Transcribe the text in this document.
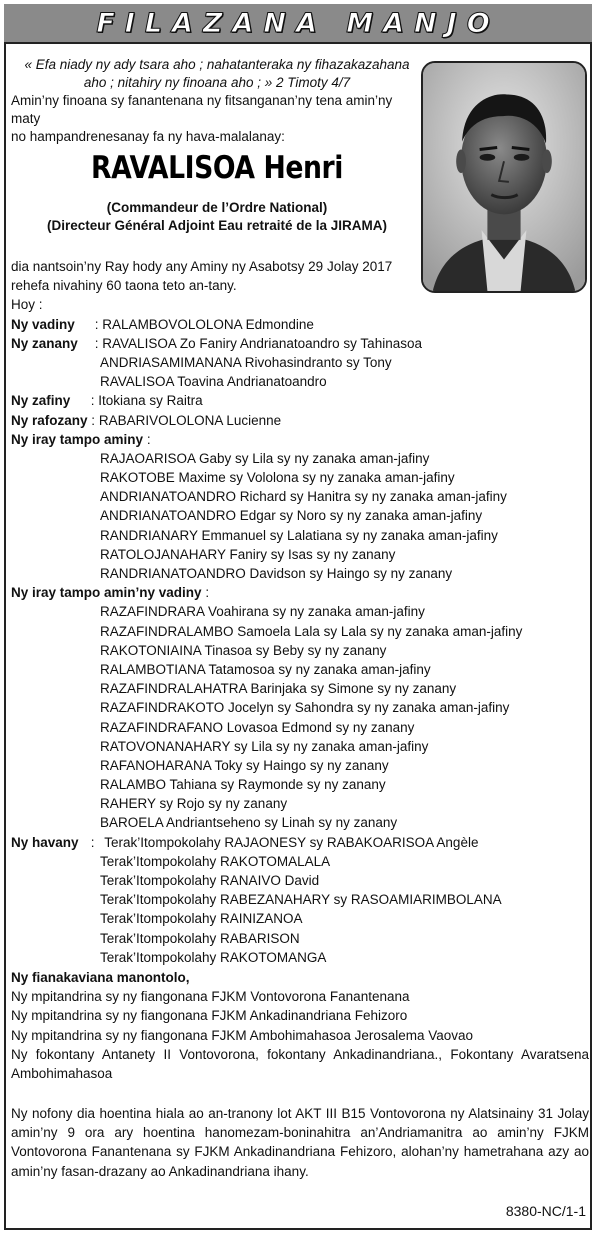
FILAZANA MANJO

« Efa niady ny ady tsara aho ; nahatanteraka ny fihazakazahana
aho ; nitahiry ny finoana aho ; » 2 Timoty 4/7

Amin’ny finoana sy fanantenana ny fitsanganan’ny tena amin’ny maty
no hampandrenesanay fa ny hava-malalanay:

RAVALISOA Henri
(Commandeur de l’Ordre National)
(Directeur Général Adjoint Eau retraité de la JIRAMA)
dia nantsoin’ny Ray hody any Aminy ny Asabotsy 29 Jolay 2017
rehefa nivahiny 60 taona teto an-tany.
Hoy :
Ny vadiny : RALAMBOVOLOLONA Edmondine
Ny zanany : RAVALISOA Zo Faniry Andrianatoandro sy Tahinasoa
ANDRIASAMIMANANA Rivohasindranto sy Tony
RAVALISOA Toavina Andrianatoandro
Ny zafiny : Itokiana sy Raitra
Ny rafozany : RABARIVOLOLONA Lucienne
Ny iray tampo aminy :
RAJAOARISOA Gaby sy Lila sy ny zanaka aman-jafiny
RAKOTOBE Maxime sy Vololona sy ny zanaka aman-jafiny
ANDRIANATOANDRO Richard sy Hanitra sy ny zanaka aman-jafiny
ANDRIANATOANDRO Edgar sy Noro sy ny zanaka aman-jafiny
RANDRIANARY Emmanuel sy Lalatiana sy ny zanaka aman-jafiny
RATOLOJANAHARY Faniry sy Isas sy ny zanany
RANDRIANATOANDRO Davidson sy Haingo sy ny zanany
Ny iray tampo amin’ny vadiny :
RAZAFINDRARA Voahirana sy ny zanaka aman-jafiny
RAZAFINDRALAMBO Samoela Lala sy Lala sy ny zanaka aman-jafiny
RAKOTONIAINA Tinasoa sy Beby sy ny zanany
RALAMBOTIANA Tatamosoa sy ny zanaka aman-jafiny
RAZAFINDRALAHATRA Barinjaka sy Simone sy ny zanany
RAZAFINDRAKOTO Jocelyn sy Sahondra sy ny zanaka aman-jafiny
RAZAFINDRAFANO Lovasoa Edmond sy ny zanany
RATOVONANAHARY sy Lila sy ny zanaka aman-jafiny
RAFANOHARANA Toky sy Haingo sy ny zanany
RALAMBO Tahiana sy Raymonde sy ny zanany
RAHERY sy Rojo sy ny zanany
BAROELA Andriantseheno sy Linah sy ny zanany
Ny havany : Terak’Itompokolahy RAJAONESY sy RABAKOARISOA Angèle
Terak’Itompokolahy RAKOTOMALALA
Terak’Itompokolahy RANAIVO David
Terak’Itompokolahy RABEZANAHARY sy RASOAMIARIMBOLANA
Terak’Itompokolahy RAINIZANOA
Terak’Itompokolahy RABARISON
Terak’Itompokolahy RAKOTOMANGA
Ny fianakaviana manontolo,
Ny mpitandrina sy ny fiangonana FJKM Vontovorona Fanantenana
Ny mpitandrina sy ny fiangonana FJKM Ankadinandriana Fehizoro
Ny mpitandrina sy ny fiangonana FJKM Ambohimahasoa Jerosalema Vaovao

Ny fokontany Antanety II Vontovorona, fokontany Ankadinandriana., Fokontany Avaratsena Ambohimahasoa

Ny nofony dia hoentina hiala ao an-tranony lot AKT III B15 Vontovorona ny Alatsinainy 31 Jolay amin’ny 9 ora ary hoentina hanomezam-boninahitra an’Andriamanitra ao amin’ny FJKM Vontovorona Fanantenana sy FJKM Ankadinandriana Fehizoro, alohan’ny hametrahana azy ao amin’ny fasan-drazany ao Ankadinandriana ihany.

8380-NC/1-1
